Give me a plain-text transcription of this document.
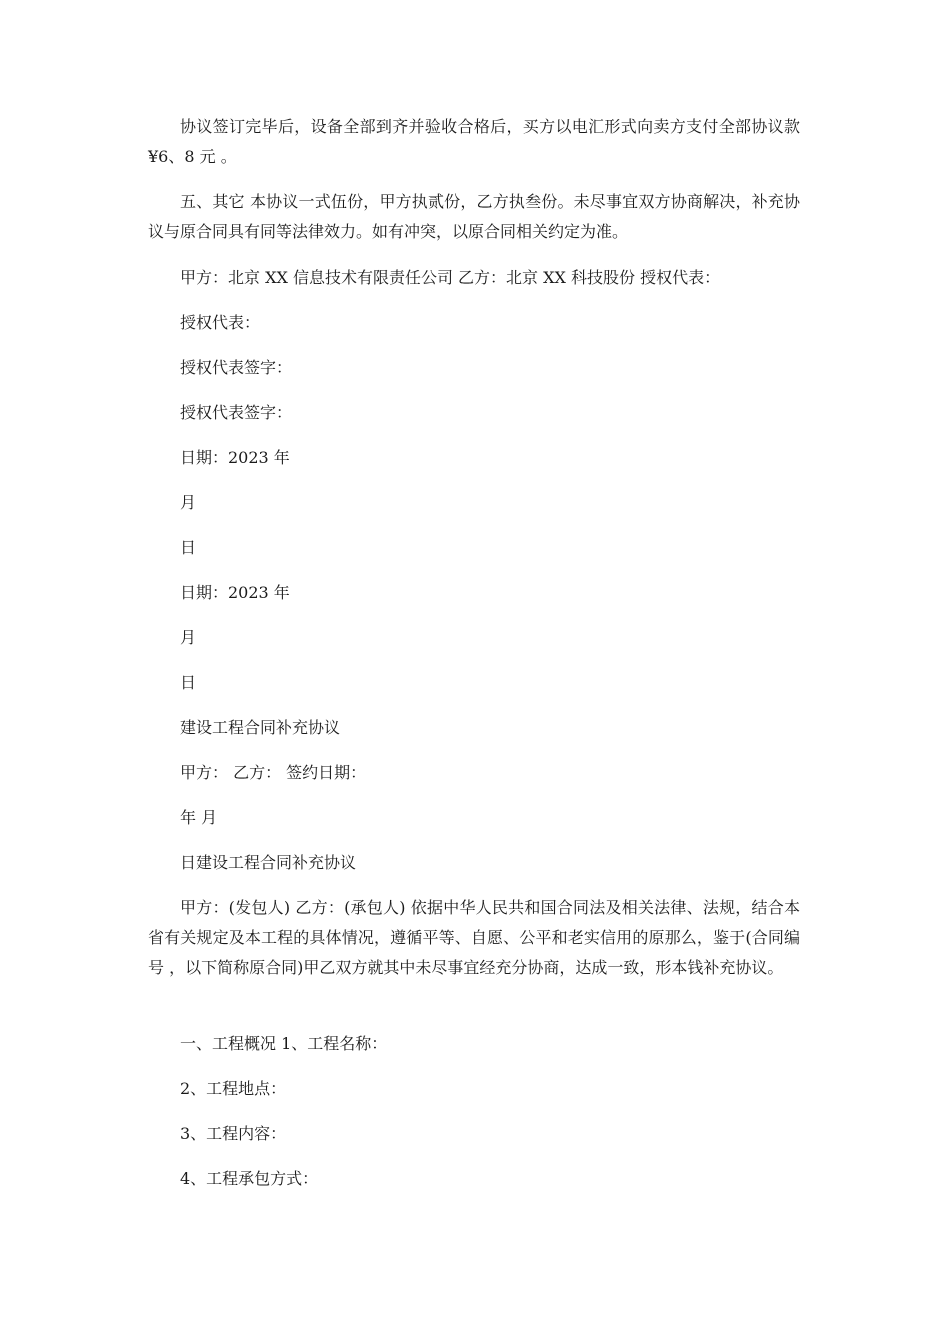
协议签订完毕后，设备全部到齐并验收合格后，买方以电汇形式向卖方支付全部协议款¥6、8 元 。

五、其它 本协议一式伍份，甲方执贰份，乙方执叁份。未尽事宜双方协商解决，补充协议与原合同具有同等法律效力。如有冲突，以原合同相关约定为准。

甲方：北京 XX 信息技术有限责任公司 乙方：北京 XX 科技股份 授权代表：

授权代表：

授权代表签字：

授权代表签字：

日期：2023 年

月

日

日期：2023 年

月

日

建设工程合同补充协议

甲方： 乙方： 签约日期：

年 月

日建设工程合同补充协议

甲方：(发包人) 乙方：(承包人) 依据中华人民共和国合同法及相关法律、法规，结合本省有关规定及本工程的具体情况，遵循平等、自愿、公平和老实信用的原那么，鉴于(合同编号 ，以下简称原合同)甲乙双方就其中未尽事宜经充分协商，达成一致，形本钱补充协议。

一、工程概况 1、工程名称：

2、工程地点：

3、工程内容：

4、工程承包方式：
